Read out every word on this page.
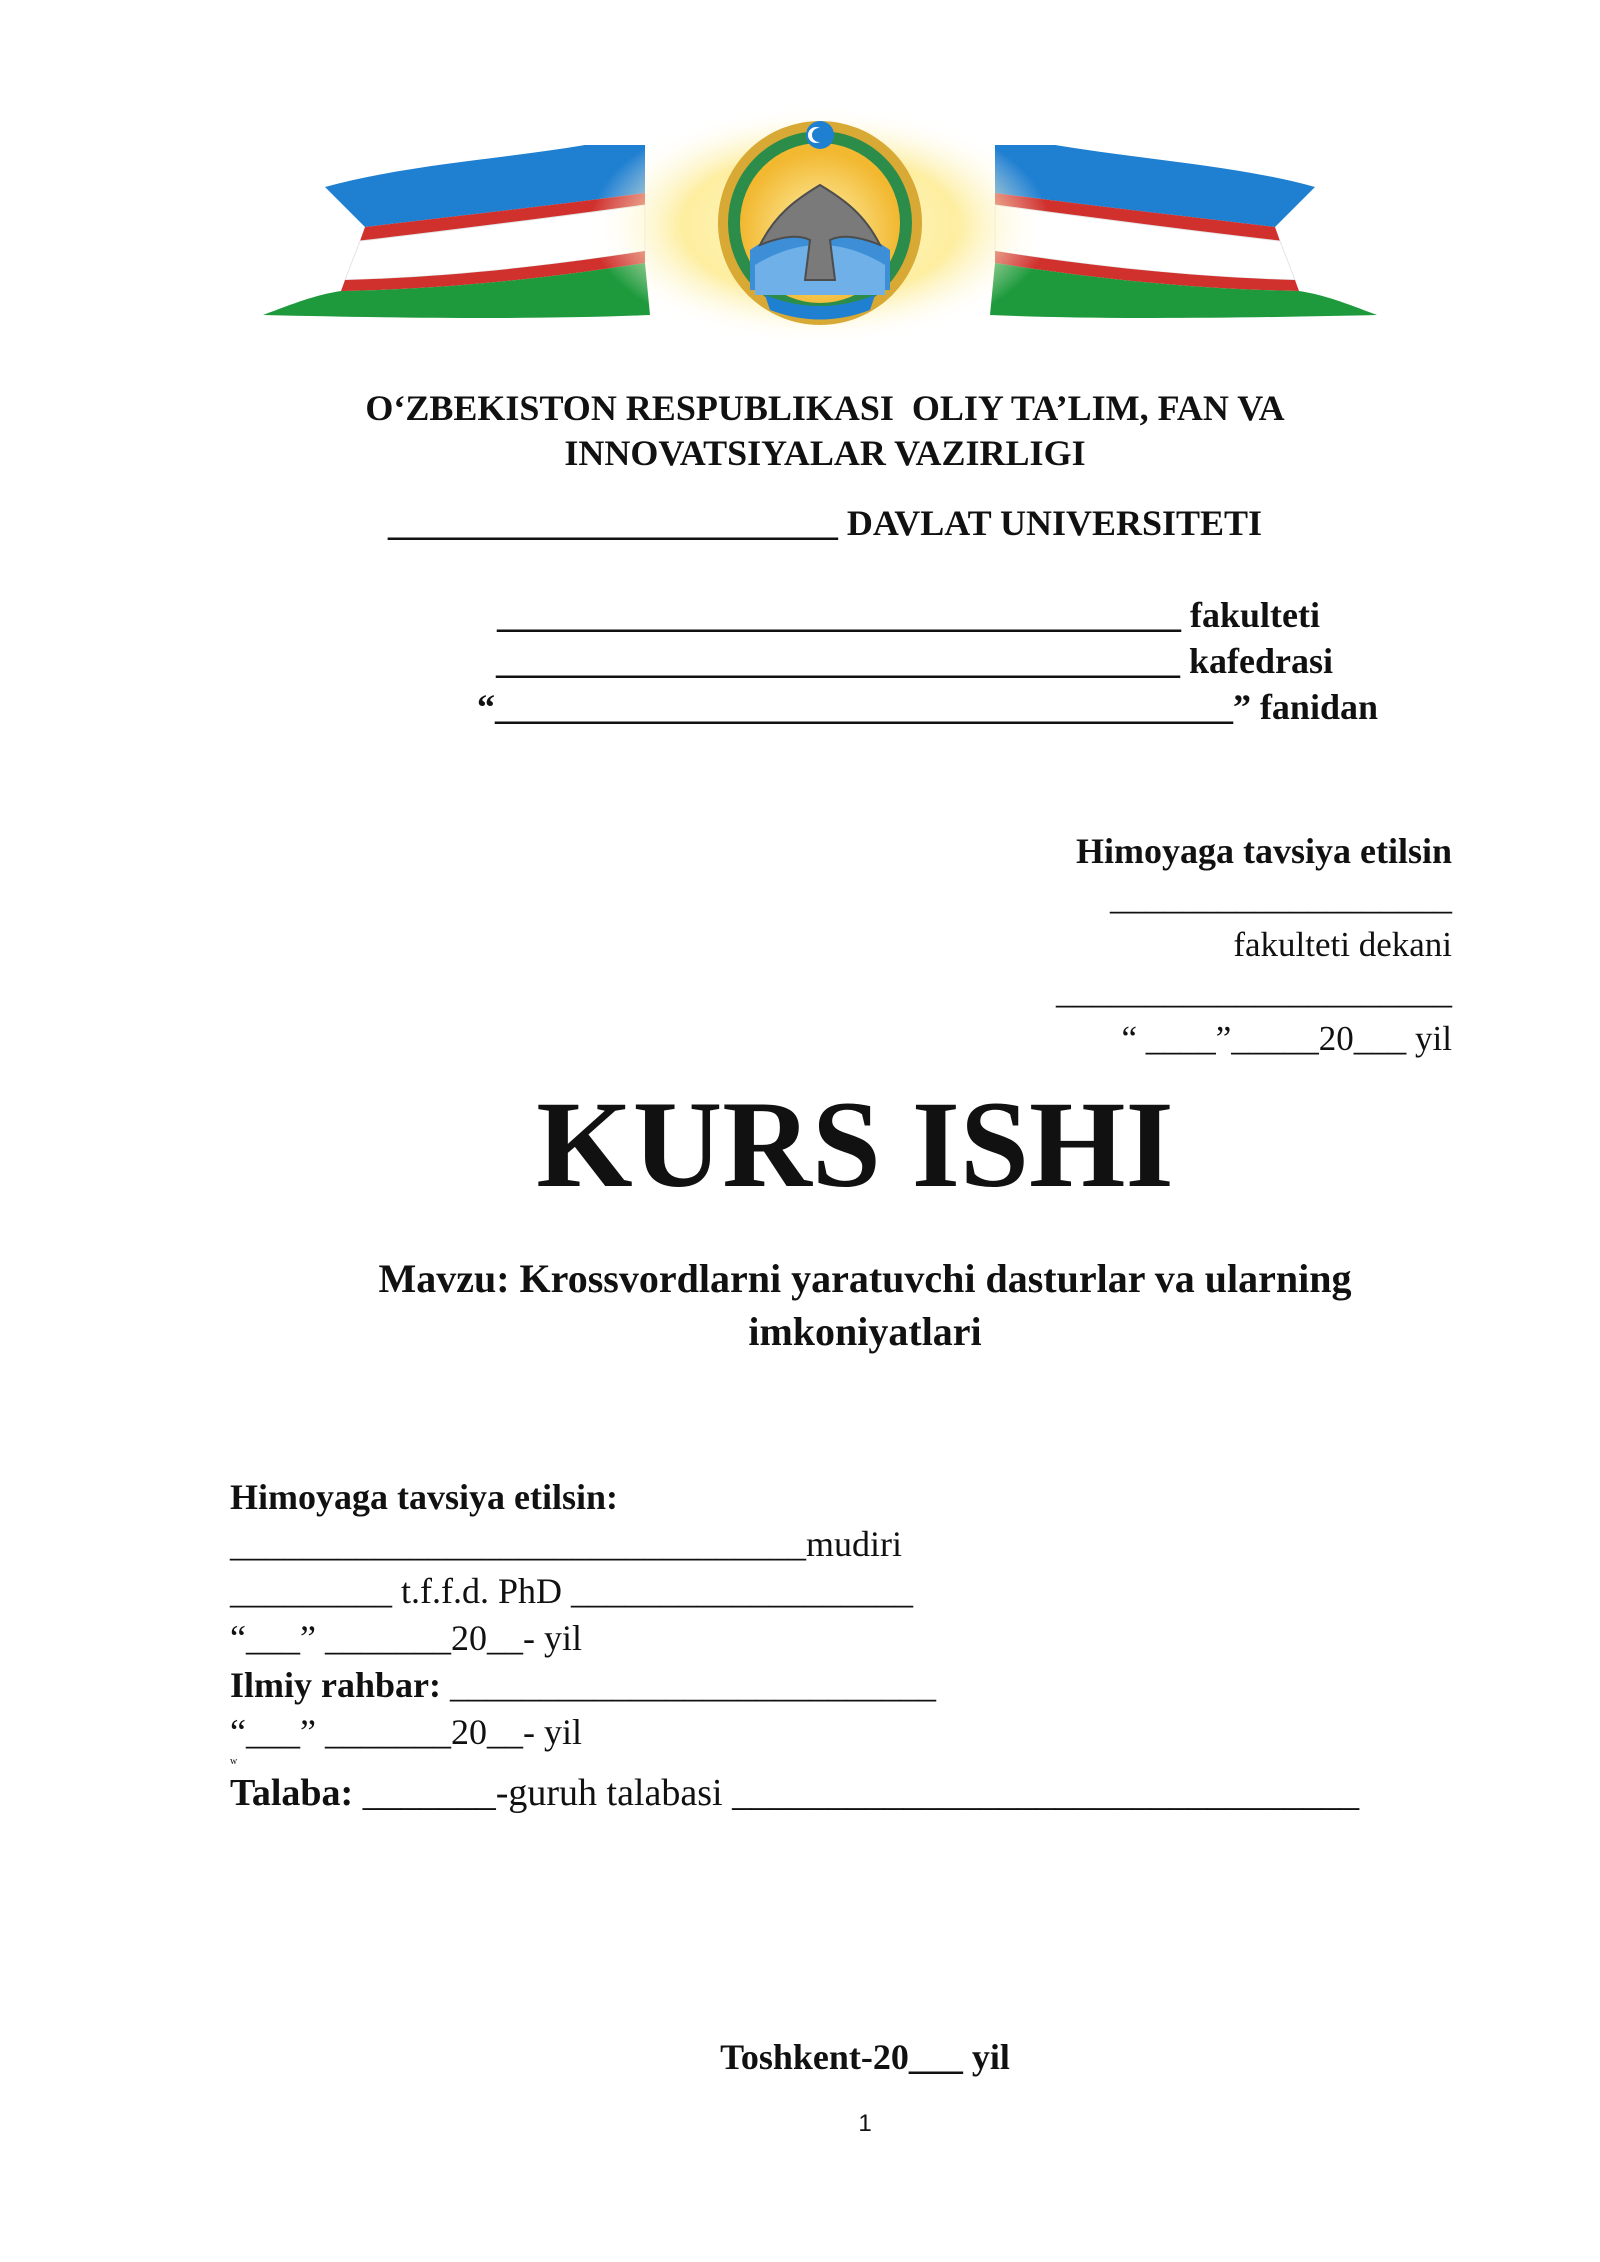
O‘ZBEKISTON RESPUBLIKASI  OLIY TA’LIM, FAN VA

INNOVATSIYALAR VAZIRLIGI

_________________________ DAVLAT UNIVERSITETI

______________________________________ fakulteti

______________________________________ kafedrasi

“_________________________________________” fanidan

Himoyaga tavsiya etilsin

___________________

fakulteti dekani

______________________

“ ____”_____20___ yil

KURS ISHI

Mavzu: Krossvordlarni yaratuvchi dasturlar va ularning

imkoniyatlari

Himoyaga tavsiya etilsin:

________________________________mudiri

_________ t.f.f.d. PhD ___________________

“___” _______20__- yil

Ilmiy rahbar: ___________________________

“___” _______20__- yil

w

Talaba: _______-guruh talabasi _________________________________

Toshkent-20___ yil

1
